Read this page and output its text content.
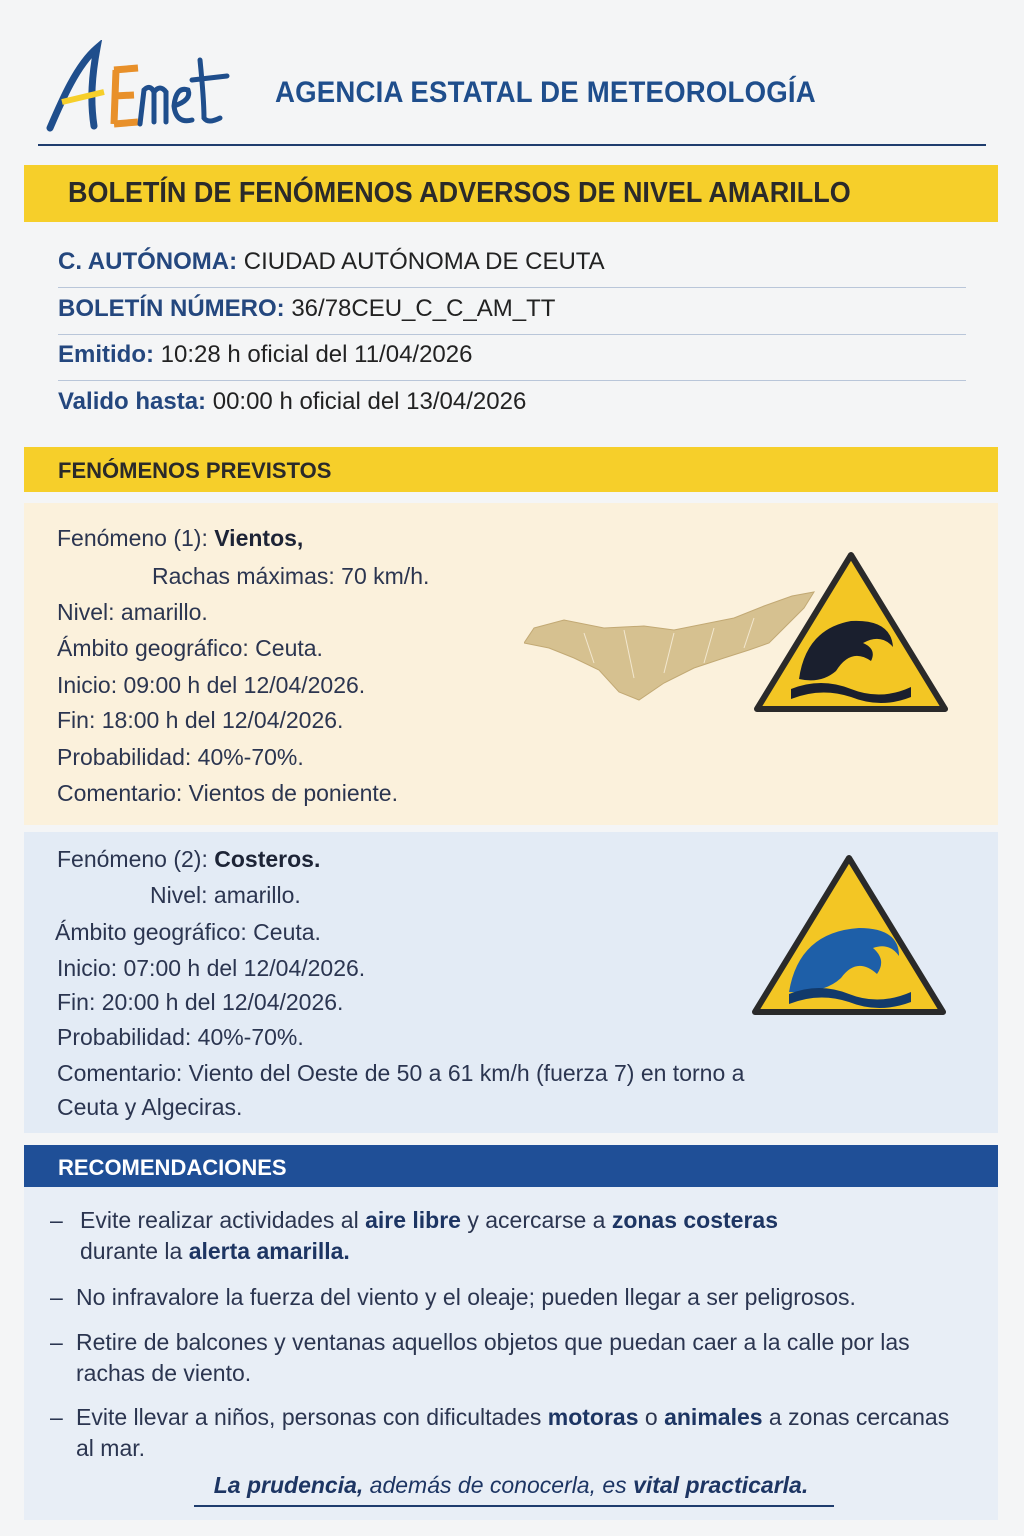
AGENCIA ESTATAL DE METEOROLOGÍA
BOLETÍN DE FENÓMENOS ADVERSOS DE NIVEL AMARILLO
C. AUTÓNOMA: CIUDAD AUTÓNOMA DE CEUTA
BOLETÍN NÚMERO: 36/78CEU_C_C_AM_TT
Emitido: 10:28 h oficial del 11/04/2026
Valido hasta: 00:00 h oficial del 13/04/2026
FENÓMENOS PREVISTOS
Fenómeno (1): Vientos,
Rachas máximas: 70 km/h.
Nivel: amarillo.
Ámbito geográfico: Ceuta.
Inicio: 09:00 h del 12/04/2026.
Fin: 18:00 h del 12/04/2026.
Probabilidad: 40%-70%.
Comentario: Vientos de poniente.
Fenómeno (2): Costeros.
Nivel: amarillo.
Ámbito geográfico: Ceuta.
Inicio: 07:00 h del 12/04/2026.
Fin: 20:00 h del 12/04/2026.
Probabilidad: 40%-70%.
Comentario: Viento del Oeste de 50 a 61 km/h (fuerza 7) en torno a
Ceuta y Algeciras.
RECOMENDACIONES
– Evite realizar actividades al aire libre y acercarse a zonas costeras durante la alerta amarilla.
– No infravalore la fuerza del viento y el oleaje; pueden llegar a ser peligrosos.
– Retire de balcones y ventanas aquellos objetos que puedan caer a la calle por las rachas de viento.
– Evite llevar a niños, personas con dificultades motoras o animales a zonas cercanas al mar.
La prudencia, además de conocerla, es vital practicarla.
